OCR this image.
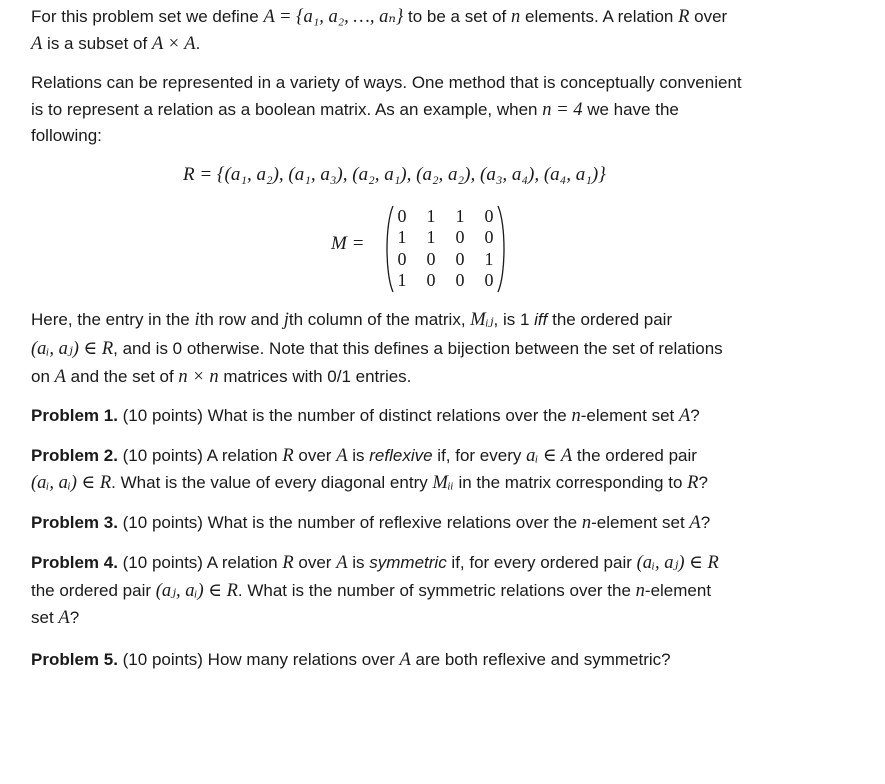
For this problem set we define A = {a₁, a₂, …, aₙ} to be a set of n elements. A relation R over
A is a subset of A × A.
Relations can be represented in a variety of ways. One method that is conceptually convenient
is to represent a relation as a boolean matrix. As an example, when n = 4 we have the
following:
R = {(a₁, a₂), (a₁, a₃), (a₂, a₁), (a₂, a₂), (a₃, a₄), (a₄, a₁)}
M =
0 1 1 0
1 1 0 0
0 0 0 1
1 0 0 0
Here, the entry in the ith row and jth column of the matrix, Mᵢⱼ, is 1 iff the ordered pair
(aᵢ, aⱼ) ∈ R, and is 0 otherwise. Note that this defines a bijection between the set of relations
on A and the set of n × n matrices with 0/1 entries.
Problem 1. (10 points) What is the number of distinct relations over the n-element set A?
Problem 2. (10 points) A relation R over A is reflexive if, for every aᵢ ∈ A the ordered pair
(aᵢ, aᵢ) ∈ R. What is the value of every diagonal entry Mᵢᵢ in the matrix corresponding to R?
Problem 3. (10 points) What is the number of reflexive relations over the n-element set A?
Problem 4. (10 points) A relation R over A is symmetric if, for every ordered pair (aᵢ, aⱼ) ∈ R
the ordered pair (aⱼ, aᵢ) ∈ R. What is the number of symmetric relations over the n-element
set A?
Problem 5. (10 points) How many relations over A are both reflexive and symmetric?
